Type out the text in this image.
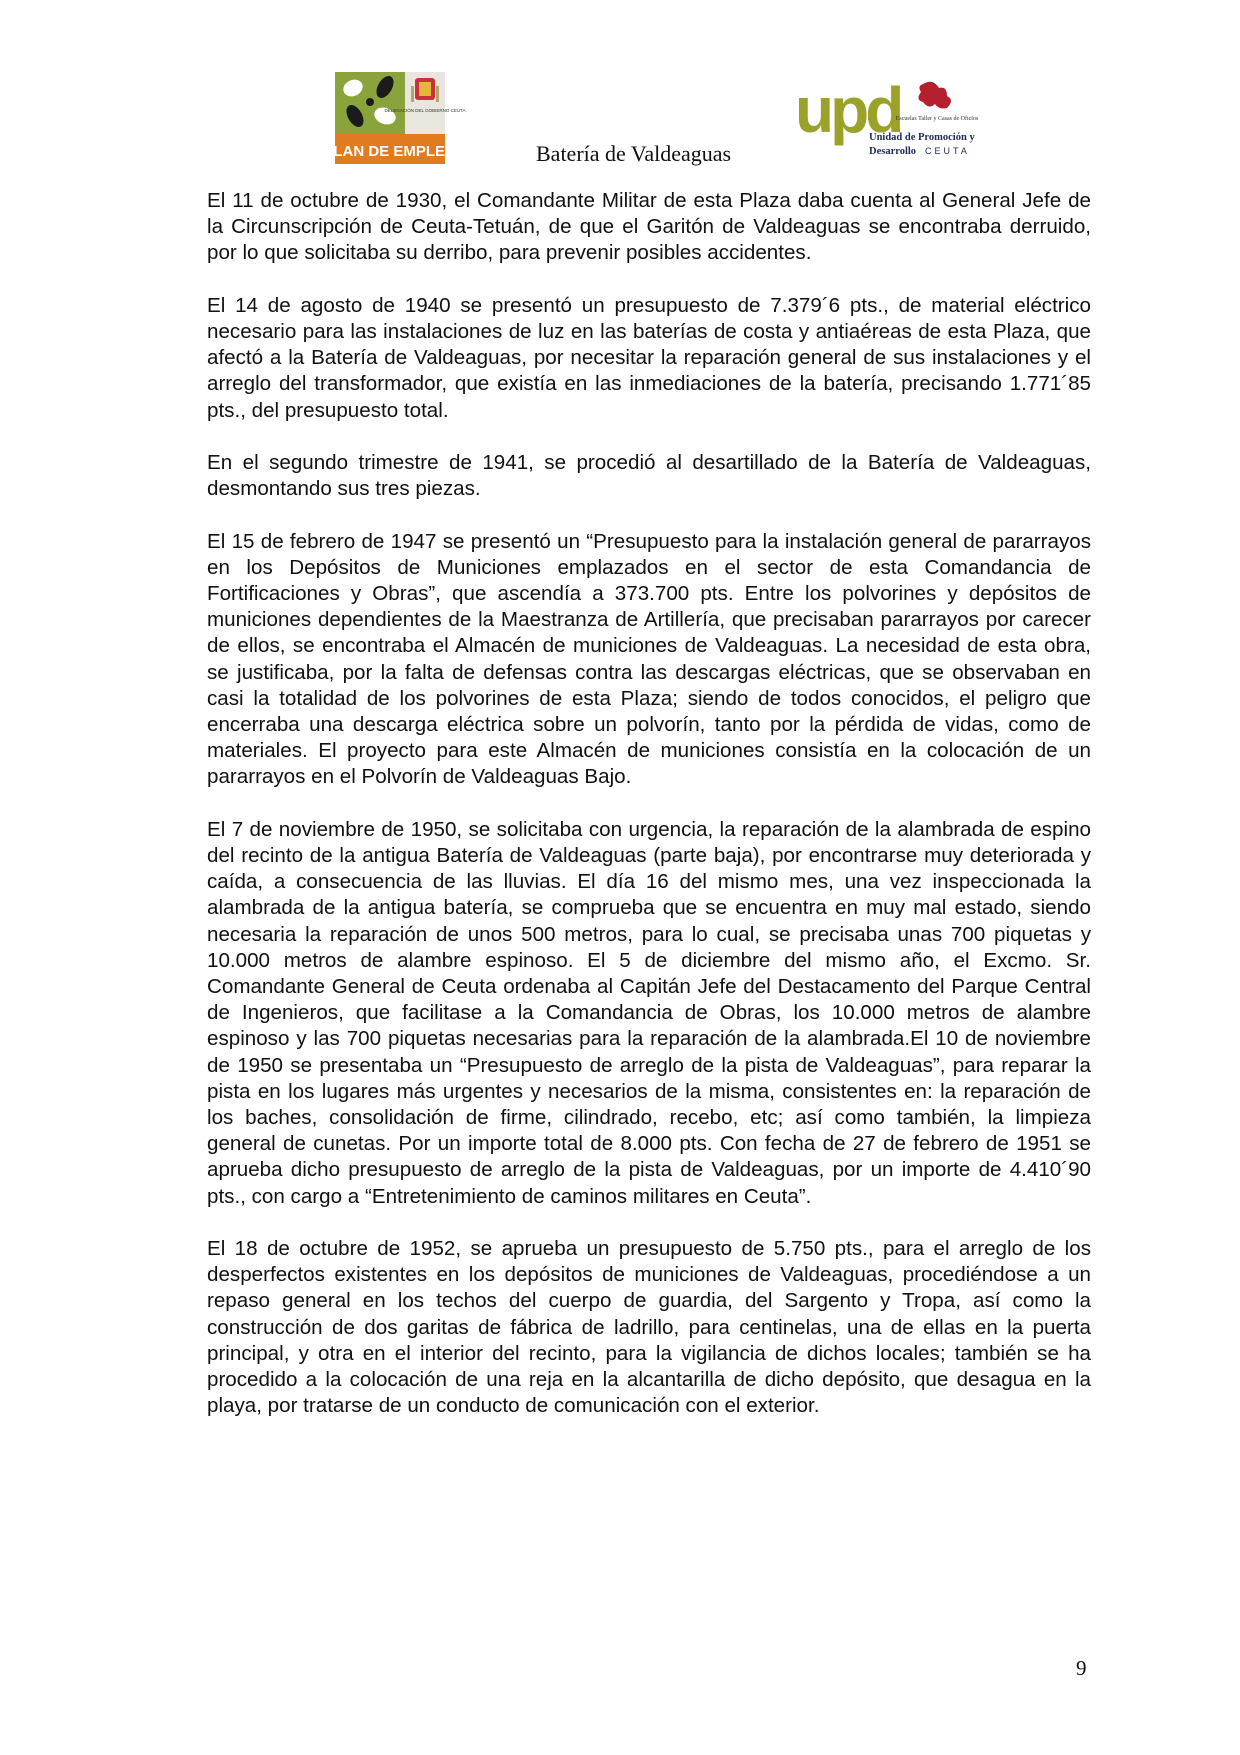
DELEGACIÓN DEL GOBIERNO CEUTA
PLAN DE EMPLEO	Batería de Valdeaguas
upd
Escuelas Taller y Casas de Oficios
Unidad de Promoción y
Desarrollo CEUTA

El 11 de octubre de 1930, el Comandante Militar de esta Plaza daba cuenta al General Jefe de la Circunscripción de Ceuta-Tetuán, de que el Garitón de Valdeaguas se encontraba derruido, por lo que solicitaba su derribo, para prevenir posibles accidentes.

El 14 de agosto de 1940 se presentó un presupuesto de 7.379´6 pts., de material eléctrico necesario para las instalaciones de luz en las baterías de costa y antiaéreas de esta Plaza, que afectó a la Batería de Valdeaguas, por necesitar la reparación general de sus instalaciones y el arreglo del transformador, que existía en las inmediaciones de la batería, precisando 1.771´85 pts., del presupuesto total.

En el segundo trimestre de 1941, se procedió al desartillado de la Batería de Valdeaguas, desmontando sus tres piezas.

El 15 de febrero de 1947 se presentó un “Presupuesto para la instalación general de pararrayos en los Depósitos de Municiones emplazados en el sector de esta Comandancia de Fortificaciones y Obras”, que ascendía a 373.700 pts. Entre los polvorines y depósitos de municiones dependientes de la Maestranza de Artillería, que precisaban pararrayos por carecer de ellos, se encontraba el Almacén de municiones de Valdeaguas. La necesidad de esta obra, se justificaba, por la falta de defensas contra las descargas eléctricas, que se observaban en casi la totalidad de los polvorines de esta Plaza; siendo de todos conocidos, el peligro que encerraba una descarga eléctrica sobre un polvorín, tanto por la pérdida de vidas, como de materiales. El proyecto para este Almacén de municiones consistía en la colocación de un pararrayos en el Polvorín de Valdeaguas Bajo.

El 7 de noviembre de 1950, se solicitaba con urgencia, la reparación de la alambrada de espino del recinto de la antigua Batería de Valdeaguas (parte baja), por encontrarse muy deteriorada y caída, a consecuencia de las lluvias. El día 16 del mismo mes, una vez inspeccionada la alambrada de la antigua batería, se comprueba que se encuentra en muy mal estado, siendo necesaria la reparación de unos 500 metros, para lo cual, se precisaba unas 700 piquetas y 10.000 metros de alambre espinoso. El 5 de diciembre del mismo año, el Excmo. Sr. Comandante General de Ceuta ordenaba al Capitán Jefe del Destacamento del Parque Central de Ingenieros, que facilitase a la Comandancia de Obras, los 10.000 metros de alambre espinoso y las 700 piquetas necesarias para la reparación de la alambrada.El 10 de noviembre de 1950 se presentaba un “Presupuesto de arreglo de la pista de Valdeaguas”, para reparar la pista en los lugares más urgentes y necesarios de la misma, consistentes en: la reparación de los baches, consolidación de firme, cilindrado, recebo, etc; así como también, la limpieza general de cunetas. Por un importe total de 8.000 pts. Con fecha de 27 de febrero de 1951 se aprueba dicho presupuesto de arreglo de la pista de Valdeaguas, por un importe de 4.410´90 pts., con cargo a “Entretenimiento de caminos militares en Ceuta”.

El 18 de octubre de 1952, se aprueba un presupuesto de 5.750 pts., para el arreglo de los desperfectos existentes en los depósitos de municiones de Valdeaguas, procediéndose a un repaso general en los techos del cuerpo de guardia, del Sargento y Tropa, así como la construcción de dos garitas de fábrica de ladrillo, para centinelas, una de ellas en la puerta principal, y otra en el interior del recinto, para la vigilancia de dichos locales; también se ha procedido a la colocación de una reja en la alcantarilla de dicho depósito, que desagua en la playa, por tratarse de un conducto de comunicación con el exterior.

9
